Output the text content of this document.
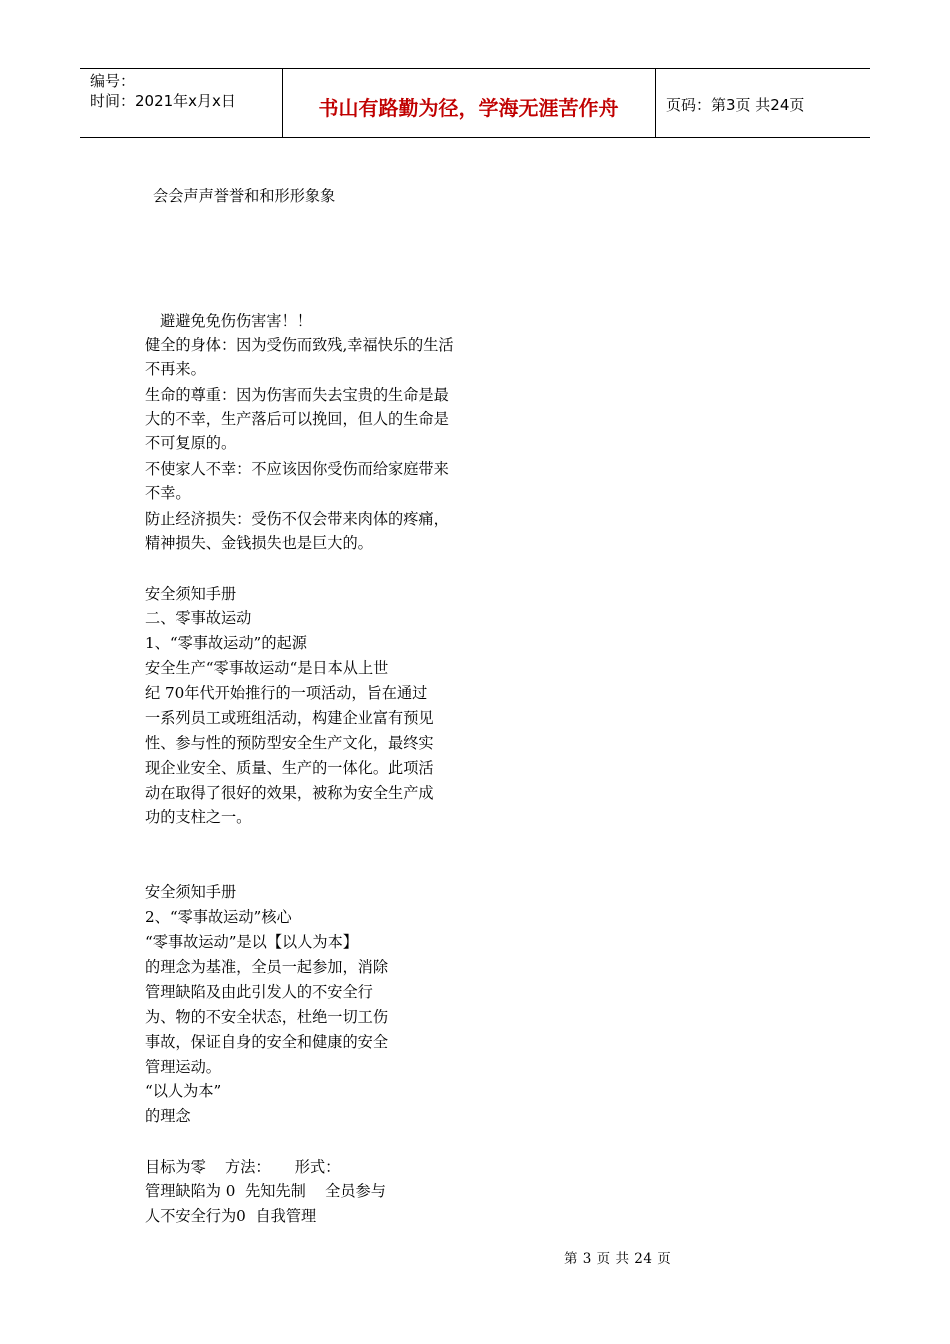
编号：
时间：2021年x月x日	书山有路勤为径，学海无涯苦作舟	页码：第3页 共24页
会会声声誉誉和和形形象象
避避免免伤伤害害！！
健全的身体：因为受伤而致残,幸福快乐的生活
不再来。
生命的尊重：因为伤害而失去宝贵的生命是最
大的不幸，生产落后可以挽回，但人的生命是
不可复原的。
不使家人不幸：不应该因你受伤而给家庭带来
不幸。
防止经济损失：受伤不仅会带来肉体的疼痛，
精神损失、金钱损失也是巨大的。
安全须知手册
二、零事故运动
1、“零事故运动”的起源
安全生产“零事故运动“是日本从上世
纪 70年代开始推行的一项活动，旨在通过
一系列员工或班组活动，构建企业富有预见
性、参与性的预防型安全生产文化，最终实
现企业安全、质量、生产的一体化。此项活
动在取得了很好的效果，被称为安全生产成
功的支柱之一。
安全须知手册
2、“零事故运动”核心
“零事故运动”是以【以人为本】
的理念为基准，全员一起参加，消除
管理缺陷及由此引发人的不安全行
为、物的不安全状态，杜绝一切工伤
事故，保证自身的安全和健康的安全
管理运动。
“以人为本”
的理念
目标为零    方法：     形式：
管理缺陷为 0  先知先制    全员参与
人不安全行为0  自我管理
第 3 页 共 24 页
